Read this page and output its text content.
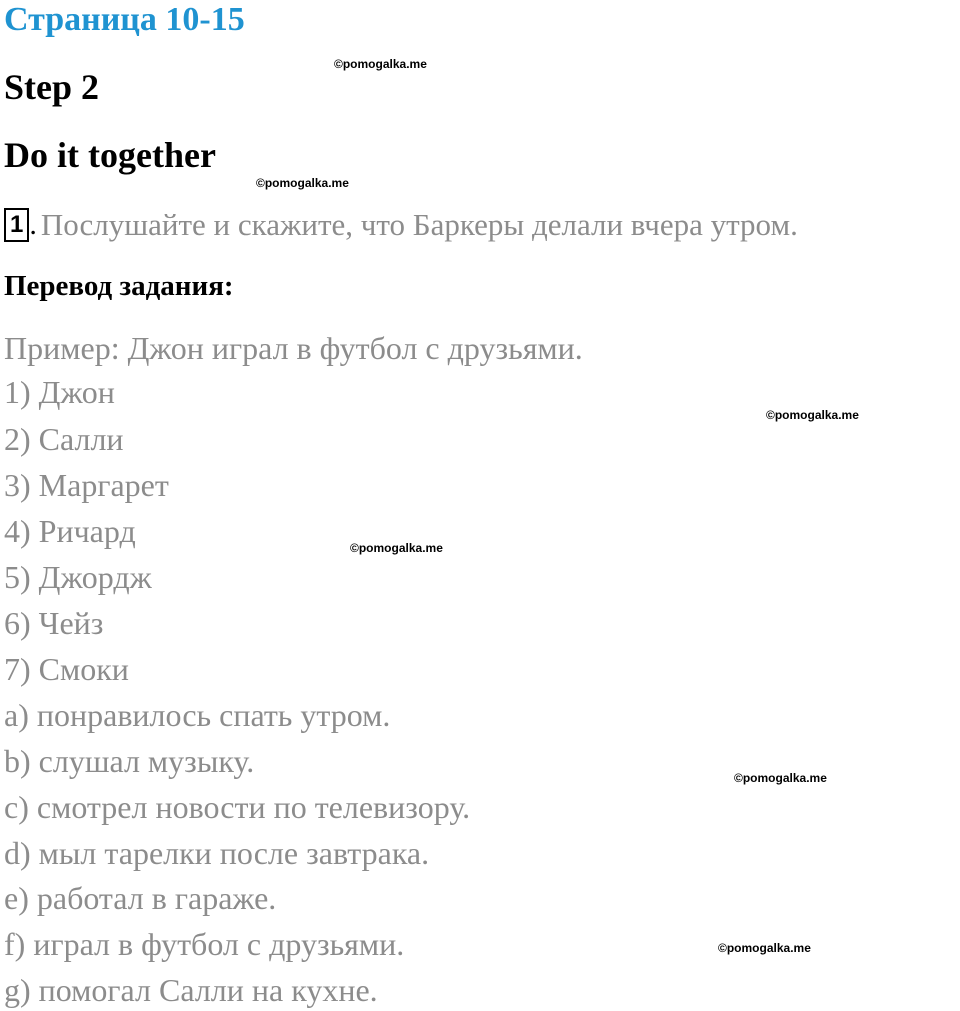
Страница 10-15
Step 2
Do it together
1 . Послушайте и скажите, что Баркеры делали вчера утром.
Перевод задания:
Пример: Джон играл в футбол с друзьями.
1) Джон
2) Салли
3) Маргарет
4) Ричард
5) Джордж
6) Чейз
7) Смоки
a) понравилось спать утром.
b) слушал музыку.
c) смотрел новости по телевизору.
d) мыл тарелки после завтрака.
e) работал в гараже.
f) играл в футбол с друзьями.
g) помогал Салли на кухне.
©pomogalka.me
©pomogalka.me
©pomogalka.me
©pomogalka.me
©pomogalka.me
©pomogalka.me
